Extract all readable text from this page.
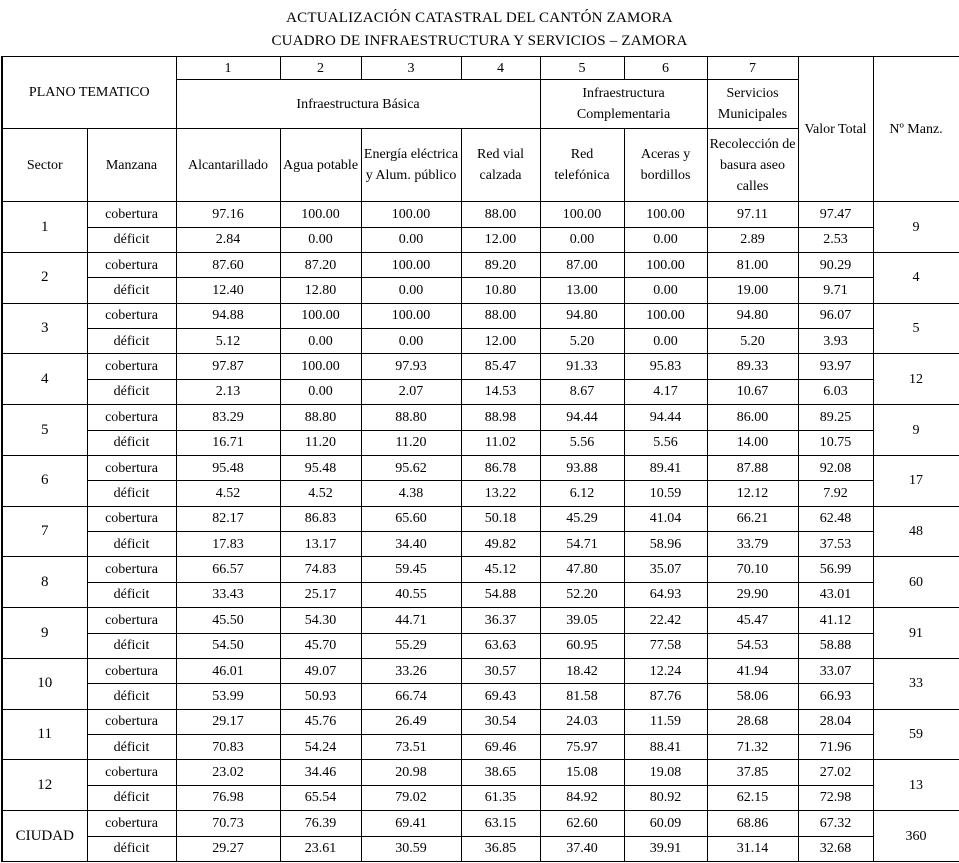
ACTUALIZACIÓN CATASTRAL DEL CANTÓN ZAMORA
CUADRO DE INFRAESTRUCTURA Y SERVICIOS – ZAMORA
PLANO TEMATICO		1	2	3	4	5	6	7	Valor Total	Nº Manz.
		Infraestructura Básica				Infraestructura Complementaria		Servicios Municipales		
Sector	Manzana	Alcantarillado	Agua potable	Energía eléctrica y Alum. público	Red vial calzada	Red telefónica	Aceras y bordillos	Recolección de basura aseo calles		
1	cobertura	97.16	100.00	100.00	88.00	100.00	100.00	97.11	97.47	9
	déficit	2.84	0.00	0.00	12.00	0.00	0.00	2.89	2.53	
2	cobertura	87.60	87.20	100.00	89.20	87.00	100.00	81.00	90.29	4
	déficit	12.40	12.80	0.00	10.80	13.00	0.00	19.00	9.71	
3	cobertura	94.88	100.00	100.00	88.00	94.80	100.00	94.80	96.07	5
	déficit	5.12	0.00	0.00	12.00	5.20	0.00	5.20	3.93	
4	cobertura	97.87	100.00	97.93	85.47	91.33	95.83	89.33	93.97	12
	déficit	2.13	0.00	2.07	14.53	8.67	4.17	10.67	6.03	
5	cobertura	83.29	88.80	88.80	88.98	94.44	94.44	86.00	89.25	9
	déficit	16.71	11.20	11.20	11.02	5.56	5.56	14.00	10.75	
6	cobertura	95.48	95.48	95.62	86.78	93.88	89.41	87.88	92.08	17
	déficit	4.52	4.52	4.38	13.22	6.12	10.59	12.12	7.92	
7	cobertura	82.17	86.83	65.60	50.18	45.29	41.04	66.21	62.48	48
	déficit	17.83	13.17	34.40	49.82	54.71	58.96	33.79	37.53	
8	cobertura	66.57	74.83	59.45	45.12	47.80	35.07	70.10	56.99	60
	déficit	33.43	25.17	40.55	54.88	52.20	64.93	29.90	43.01	
9	cobertura	45.50	54.30	44.71	36.37	39.05	22.42	45.47	41.12	91
	déficit	54.50	45.70	55.29	63.63	60.95	77.58	54.53	58.88	
10	cobertura	46.01	49.07	33.26	30.57	18.42	12.24	41.94	33.07	33
	déficit	53.99	50.93	66.74	69.43	81.58	87.76	58.06	66.93	
11	cobertura	29.17	45.76	26.49	30.54	24.03	11.59	28.68	28.04	59
	déficit	70.83	54.24	73.51	69.46	75.97	88.41	71.32	71.96	
12	cobertura	23.02	34.46	20.98	38.65	15.08	19.08	37.85	27.02	13
	déficit	76.98	65.54	79.02	61.35	84.92	80.92	62.15	72.98	
CIUDAD	cobertura	70.73	76.39	69.41	63.15	62.60	60.09	68.86	67.32	360
	déficit	29.27	23.61	30.59	36.85	37.40	39.91	31.14	32.68	
